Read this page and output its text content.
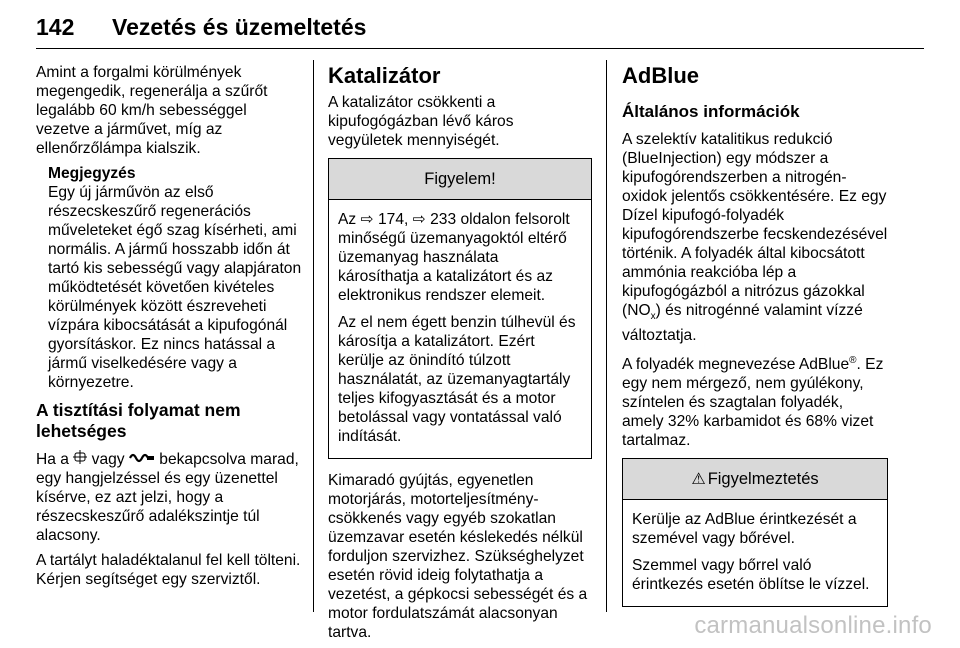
142 Vezetés és üzemeltetés

Amint a forgalmi körülmények megengedik, regenerálja a szűrőt legalább 60 km/h sebességgel vezetve a járművet, míg az ellenőrzőlámpa kialszik.

Megjegyzés

Egy új járművön az első részecskeszűrő regenerációs műveleteket égő szag kísérheti, ami normális. A jármű hosszabb időn át tartó kis sebességű vagy alapjáraton működtetését követően kivételes körülmények között észreveheti vízpára kibocsátását a kipufogónál gyorsításkor. Ez nincs hatással a jármű viselkedésére vagy a környezetre.

A tisztítási folyamat nem lehetséges

Ha a vagy bekapcsolva marad, egy hangjelzéssel és egy üzenettel kísérve, ez azt jelzi, hogy a részecskeszűrő adalékszintje túl alacsony.

A tartályt haladéktalanul fel kell tölteni. Kérjen segítséget egy szerviztől.

Katalizátor

A katalizátor csökkenti a kipufogógázban lévő káros vegyületek mennyiségét.

Figyelem!

Az ⇨ 174, ⇨ 233 oldalon felsorolt minőségű üzemanyagoktól eltérő üzemanyag használata károsíthatja a katalizátort és az elektronikus rendszer elemeit.

Az el nem égett benzin túlhevül és károsítja a katalizátort. Ezért kerülje az önindító túlzott használatát, az üzemanyagtartály teljes kifogyasztását és a motor betolással vagy vontatással való indítását.

Kimaradó gyújtás, egyenetlen motorjárás, motorteljesítmény-csökkenés vagy egyéb szokatlan üzemzavar esetén késlekedés nélkül forduljon szervizhez. Szükséghelyzet esetén rövid ideig folytathatja a vezetést, a gépkocsi sebességét és a motor fordulatszámát alacsonyan tartva.

AdBlue
Általános információk

A szelektív katalitikus redukció (BlueInjection) egy módszer a kipufogórendszerben a nitrogén-oxidok jelentős csökkentésére. Ez egy Dízel kipufogó-folyadék kipufogórendszerbe fecskendezésével történik. A folyadék által kibocsátott ammónia reakcióba lép a kipufogógázból a nitrózus gázokkal $(NO_x)$ és nitrogénné valamint vízzé változtatja.

A folyadék megnevezése AdBlue®. Ez egy nem mérgező, nem gyúlékony, színtelen és szagtalan folyadék, amely 32% karbamidot és 68% vizet tartalmaz.

⚠ Figyelmeztetés

Kerülje az AdBlue érintkezését a szemével vagy bőrével.

Szemmel vagy bőrrel való érintkezés esetén öblítse le vízzel.

carmanualsonline.info
